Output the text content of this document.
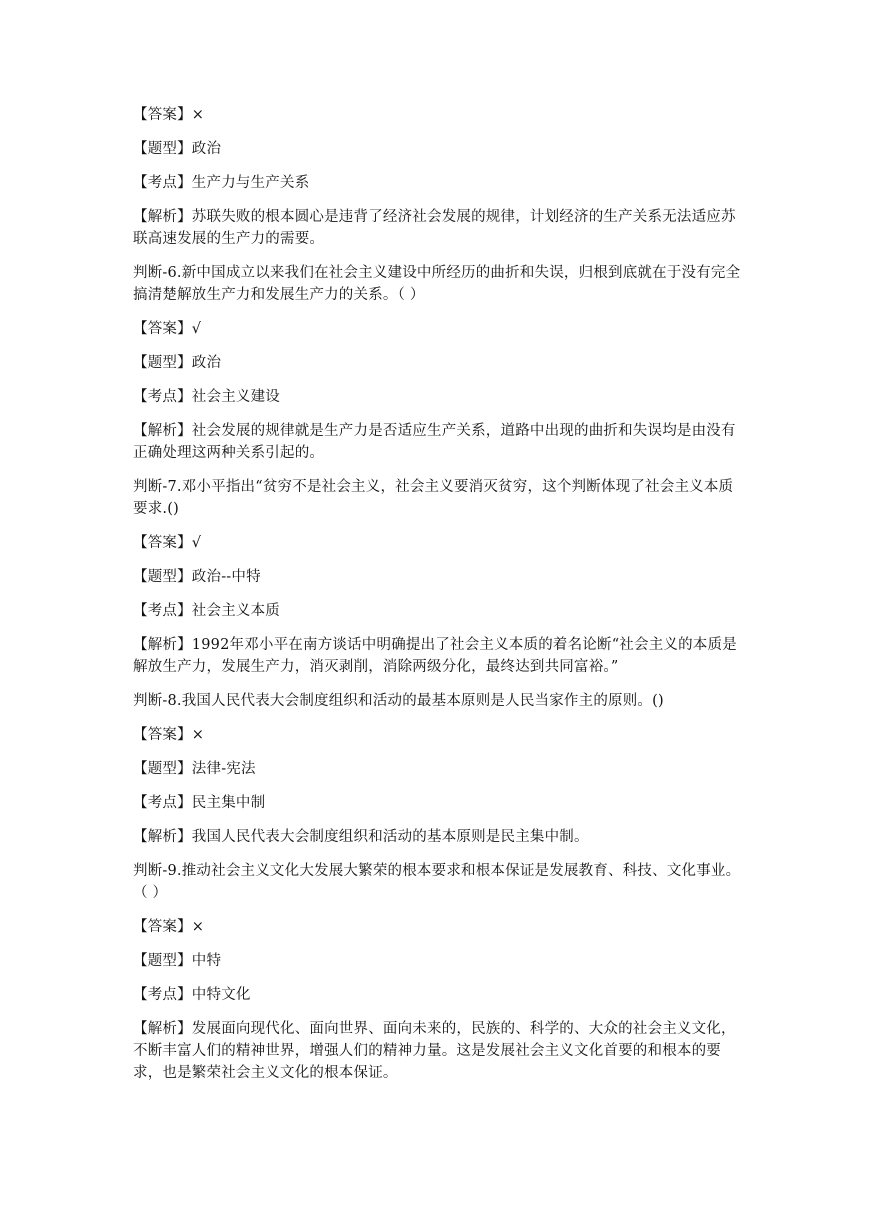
【答案】×

【题型】政治

【考点】生产力与生产关系

【解析】苏联失败的根本圆心是违背了经济社会发展的规律，计划经济的生产关系无法适应苏联高速发展的生产力的需要。

判断-6.新中国成立以来我们在社会主义建设中所经历的曲折和失误，归根到底就在于没有完全搞清楚解放生产力和发展生产力的关系。（ ）

【答案】√

【题型】政治

【考点】社会主义建设

【解析】社会发展的规律就是生产力是否适应生产关系，道路中出现的曲折和失误均是由没有正确处理这两种关系引起的。

判断-7.邓小平指出“贫穷不是社会主义，社会主义要消灭贫穷，这个判断体现了社会主义本质要求.()

【答案】√

【题型】政治--中特

【考点】社会主义本质

【解析】1992年邓小平在南方谈话中明确提出了社会主义本质的着名论断“社会主义的本质是解放生产力，发展生产力，消灭剥削，消除两级分化，最终达到共同富裕。”

判断-8.我国人民代表大会制度组织和活动的最基本原则是人民当家作主的原则。()

【答案】×

【题型】法律-宪法

【考点】民主集中制

【解析】我国人民代表大会制度组织和活动的基本原则是民主集中制。

判断-9.推动社会主义文化大发展大繁荣的根本要求和根本保证是发展教育、科技、文化事业。（ ）

【答案】×

【题型】中特

【考点】中特文化

【解析】发展面向现代化、面向世界、面向未来的，民族的、科学的、大众的社会主义文化，不断丰富人们的精神世界，增强人们的精神力量。这是发展社会主义文化首要的和根本的要求，也是繁荣社会主义文化的根本保证。
